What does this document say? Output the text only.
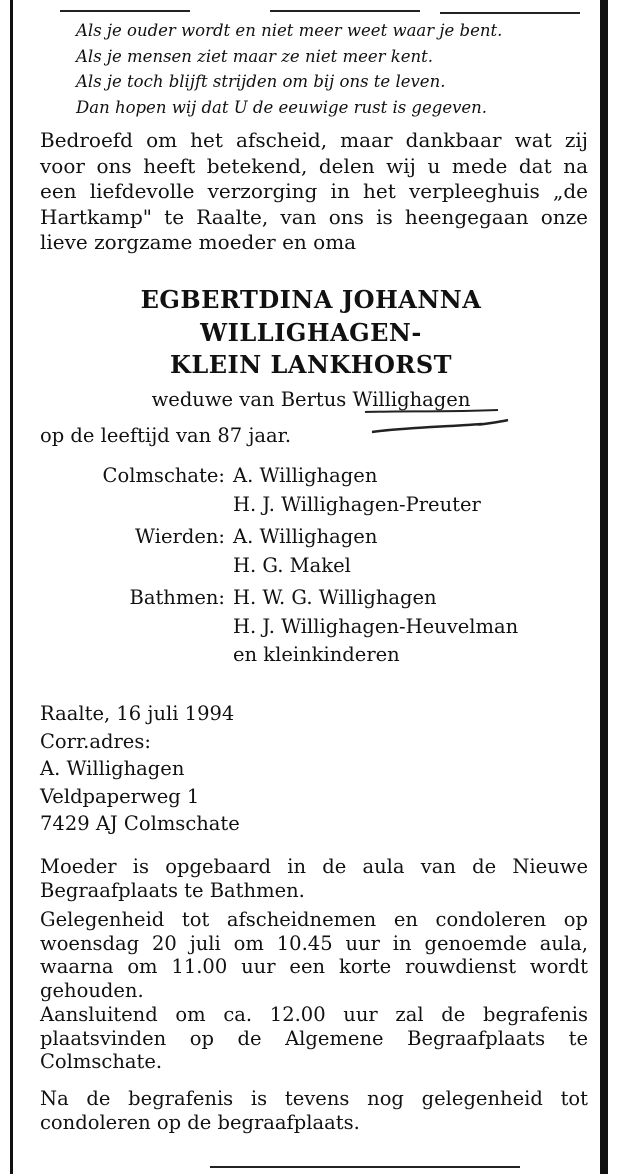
Als je ouder wordt en niet meer weet waar je bent.
Als je mensen ziet maar ze niet meer kent.
Als je toch blijft strijden om bij ons te leven.
Dan hopen wij dat U de eeuwige rust is gegeven.
Bedroefd om het afscheid, maar dankbaar wat zij
voor ons heeft betekend, delen wij u mede dat na
een liefdevolle verzorging in het verpleeghuis „de
Hartkamp" te Raalte, van ons is heengegaan onze
lieve zorgzame moeder en oma
EGBERTDINA JOHANNA
WILLIGHAGEN-
KLEIN LANKHORST
weduwe van Bertus Willighagen
op de leeftijd van 87 jaar.
Colmschate: A. Willighagen
H. J. Willighagen-Preuter
Wierden: A. Willighagen
H. G. Makel
Bathmen: H. W. G. Willighagen
H. J. Willighagen-Heuvelman
en kleinkinderen
Raalte, 16 juli 1994
Corr.adres:
A. Willighagen
Veldpaperweg 1
7429 AJ Colmschate
Moeder is opgebaard in de aula van de Nieuwe
Begraafplaats te Bathmen.
Gelegenheid tot afscheidnemen en condoleren op
woensdag 20 juli om 10.45 uur in genoemde aula,
waarna om 11.00 uur een korte rouwdienst wordt
gehouden.
Aansluitend om ca. 12.00 uur zal de begrafenis
plaatsvinden op de Algemene Begraafplaats te
Colmschate.
Na de begrafenis is tevens nog gelegenheid tot
condoleren op de begraafplaats.
